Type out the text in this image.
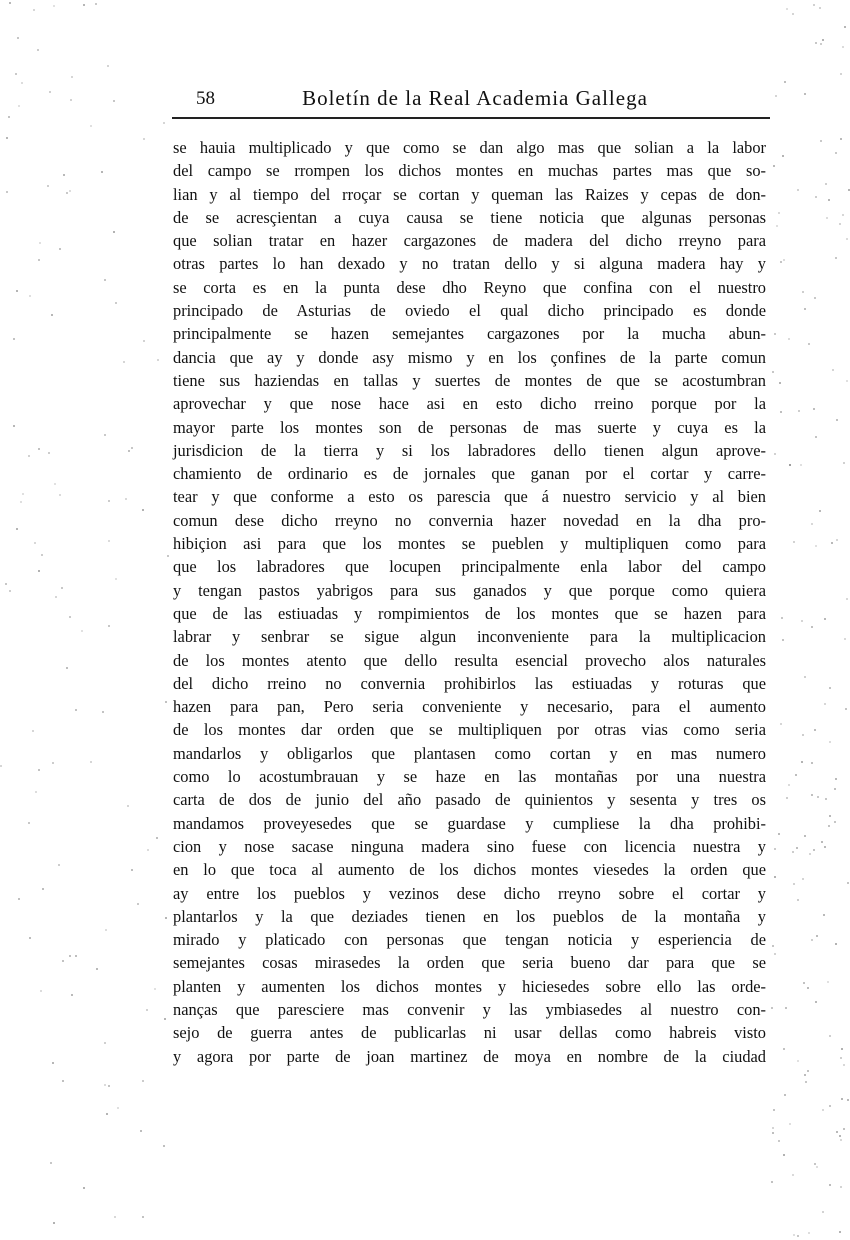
58	Boletín de la Real Academia Gallega
se hauia multiplicado y que como se dan algo mas que solian a la labor
del campo se rrompen los dichos montes en muchas partes mas que so-
lian y al tiempo del rroçar se cortan y queman las Raizes y cepas de don-
de se acresçientan a cuya causa se tiene noticia que algunas personas
que solian tratar en hazer cargazones de madera del dicho rreyno para
otras partes lo han dexado y no tratan dello y si alguna madera hay y
se corta es en la punta dese dho Reyno que confina con el nuestro
principado de Asturias de oviedo el qual dicho principado es donde
principalmente se hazen semejantes cargazones por la mucha abun-
dancia que ay y donde asy mismo y en los çonfines de la parte comun
tiene sus haziendas en tallas y suertes de montes de que se acostumbran
aprovechar y que nose hace asi en esto dicho rreino porque por la
mayor parte los montes son de personas de mas suerte y cuya es la
jurisdicion de la tierra y si los labradores dello tienen algun aprove-
chamiento de ordinario es de jornales que ganan por el cortar y carre-
tear y que conforme a esto os parescia que á nuestro servicio y al bien
comun dese dicho rreyno no convernia hazer novedad en la dha pro-
hibiçion asi para que los montes se pueblen y multipliquen como para
que los labradores que locupen principalmente enla labor del campo
y tengan pastos yabrigos para sus ganados y que porque como quiera
que de las estiuadas y rompimientos de los montes que se hazen para
labrar y senbrar se sigue algun inconveniente para la multiplicacion
de los montes atento que dello resulta esencial provecho alos naturales
del dicho rreino no convernia prohibirlos las estiuadas y roturas que
hazen para pan, Pero seria conveniente y necesario, para el aumento
de los montes dar orden que se multipliquen por otras vias como seria
mandarlos y obligarlos que plantasen como cortan y en mas numero
como lo acostumbrauan y se haze en las montañas por una nuestra
carta de dos de junio del año pasado de quinientos y sesenta y tres os
mandamos proveyesedes que se guardase y cumpliese la dha prohibi-
cion y nose sacase ninguna madera sino fuese con licencia nuestra y
en lo que toca al aumento de los dichos montes viesedes la orden que
ay entre los pueblos y vezinos dese dicho rreyno sobre el cortar y
plantarlos y la que deziades tienen en los pueblos de la montaña y
mirado y platicado con personas que tengan noticia y esperiencia de
semejantes cosas mirasedes la orden que seria bueno dar para que se
planten y aumenten los dichos montes y hiciesedes sobre ello las orde-
nanças que paresciere mas convenir y las ymbiasedes al nuestro con-
sejo de guerra antes de publicarlas ni usar dellas como habreis visto
y agora por parte de joan martinez de moya en nombre de la ciudad
